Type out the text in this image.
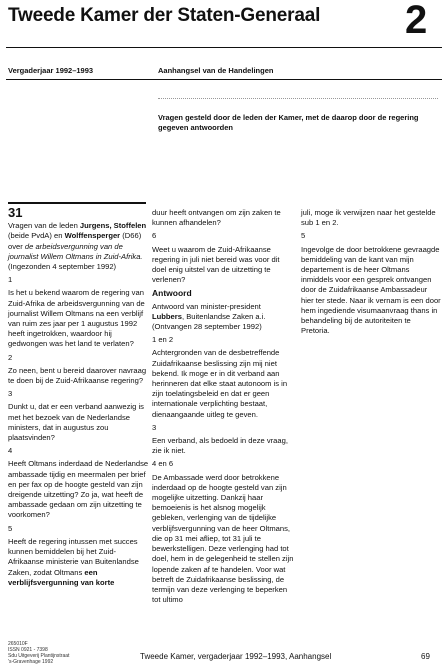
Tweede Kamer der Staten-Generaal 2
Vergaderjaar 1992–1993	Aanhangsel van de Handelingen
Vragen gesteld door de leden der Kamer, met de daarop door de regering gegeven antwoorden

31

Vragen van de leden Jurgens, Stoffelen (beide PvdA) en Wolffensperger (D66) over de arbeidsvergunning van de journalist Willem Oltmans in Zuid-Afrika. (Ingezonden 4 september 1992)

1

Is het u bekend waarom de regering van Zuid-Afrika de arbeidsvergunning van de journalist Willem Oltmans na een verblijf van ruim zes jaar per 1 augustus 1992 heeft ingetrokken, waardoor hij gedwongen was het land te verlaten?

2

Zo neen, bent u bereid daarover navraag te doen bij de Zuid-Afrikaanse regering?

3

Dunkt u, dat er een verband aanwezig is met het bezoek van de Nederlandse ministers, dat in augustus zou plaatsvinden?

4

Heeft Oltmans inderdaad de Nederlandse ambassade tijdig en meermalen per brief en per fax op de hoogte gesteld van zijn dreigende uitzetting? Zo ja, wat heeft de ambassade gedaan om zijn uitzetting te voorkomen?

5

Heeft de regering intussen met succes kunnen bemiddelen bij het Zuid-Afrikaanse ministerie van Buitenlandse Zaken, zodat Oltmans een verblijfsvergunning van korte

duur heeft ontvangen om zijn zaken te kunnen afhandelen?

6

Weet u waarom de Zuid-Afrikaanse regering in juli niet bereid was voor dit doel enig uitstel van de uitzetting te verlenen?

Antwoord

Antwoord van minister-president Lubbers, Buitenlandse Zaken a.i. (Ontvangen 28 september 1992)

1 en 2

Achtergronden van de desbetreffende Zuidafrikaanse beslissing zijn mij niet bekend. Ik moge er in dit verband aan herinneren dat elke staat autonoom is in zijn toelatingsbeleid en dat er geen internationale verplichting bestaat, dienaangaande uitleg te geven.

3

Een verband, als bedoeld in deze vraag, zie ik niet.

4 en 6

De Ambassade werd door betrokkene inderdaad op de hoogte gesteld van zijn mogelijke uitzetting. Dankzij haar bemoeienis is het alsnog mogelijk gebleken, verlenging van de tijdelijke verblijfsvergunning van de heer Oltmans, die op 31 mei afliep, tot 31 juli te bewerkstelligen. Deze verlenging had tot doel, hem in de gelegenheid te stellen zijn lopende zaken af te handelen. Voor wat betreft de Zuidafrikaanse beslissing, de termijn van deze verlenging te beperken tot ultimo

juli, moge ik verwijzen naar het gestelde sub 1 en 2.

5

Ingevolge de door betrokkene gevraagde bemiddeling van de kant van mijn departement is de heer Oltmans inmiddels voor een gesprek ontvangen door de Zuidafrikaanse Ambassadeur hier ter stede. Naar ik vernam is een door hem ingediende visumaanvraag thans in behandeling bij de autoriteiten te Pretoria.

265010F
ISSN 0921 - 7398
Sdu Uitgeverij Plantijnstraat
's-Gravenhage 1992
Tweede Kamer, vergaderjaar 1992–1993, Aanhangsel	69
